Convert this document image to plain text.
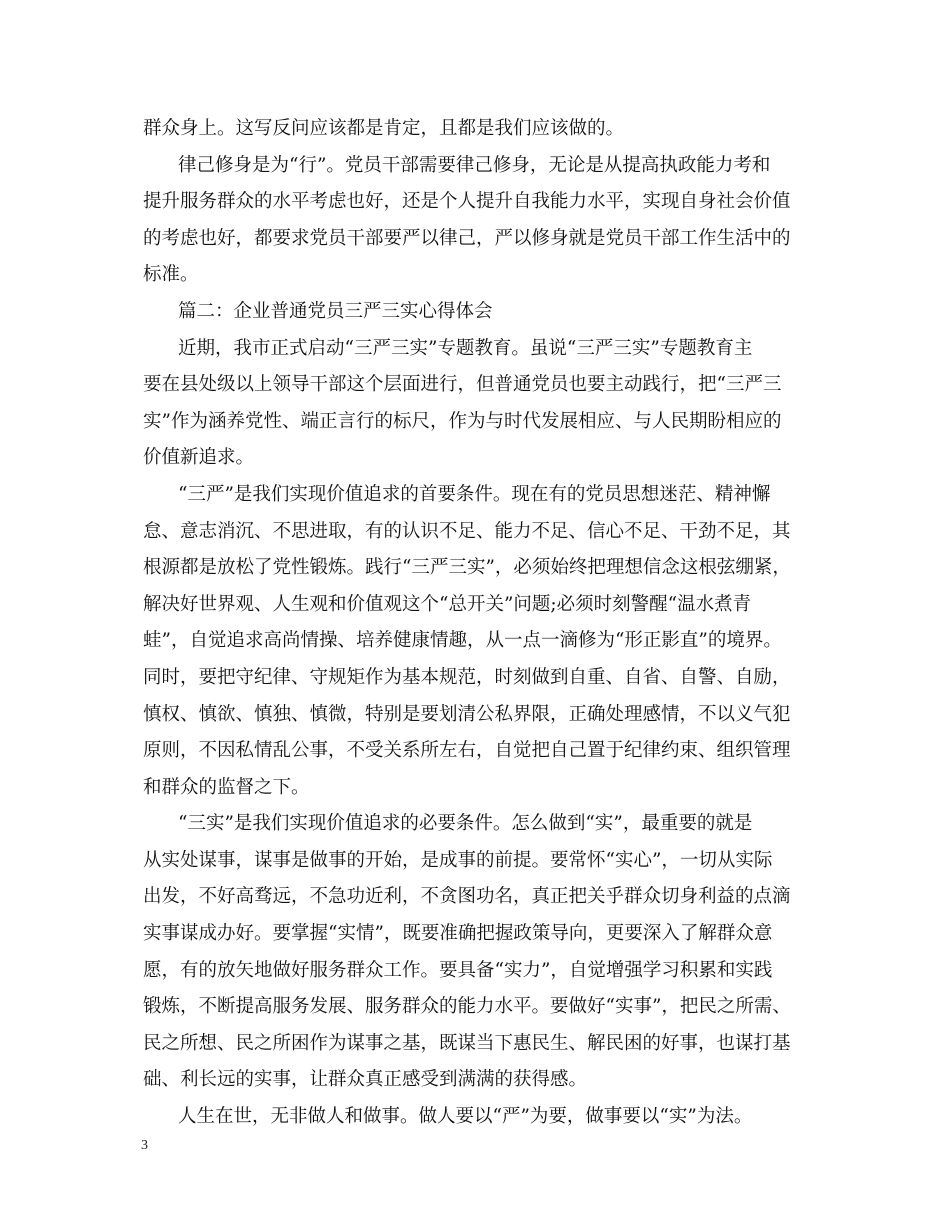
群众身上。这写反问应该都是肯定，且都是我们应该做的。

律己修身是为“行”。党员干部需要律己修身，无论是从提高执政能力考和
提升服务群众的水平考虑也好，还是个人提升自我能力水平，实现自身社会价值
的考虑也好，都要求党员干部要严以律己，严以修身就是党员干部工作生活中的
标准。

篇二：企业普通党员三严三实心得体会

近期，我市正式启动“三严三实”专题教育。虽说“三严三实”专题教育主
要在县处级以上领导干部这个层面进行，但普通党员也要主动践行，把“三严三
实”作为涵养党性、端正言行的标尺，作为与时代发展相应、与人民期盼相应的
价值新追求。

“三严”是我们实现价值追求的首要条件。现在有的党员思想迷茫、精神懈
怠、意志消沉、不思进取，有的认识不足、能力不足、信心不足、干劲不足，其
根源都是放松了党性锻炼。践行“三严三实”，必须始终把理想信念这根弦绷紧，
解决好世界观、人生观和价值观这个“总开关”问题;必须时刻警醒“温水煮青
蛙”，自觉追求高尚情操、培养健康情趣，从一点一滴修为“形正影直”的境界。
同时，要把守纪律、守规矩作为基本规范，时刻做到自重、自省、自警、自励，
慎权、慎欲、慎独、慎微，特别是要划清公私界限，正确处理感情，不以义气犯
原则，不因私情乱公事，不受关系所左右，自觉把自己置于纪律约束、组织管理
和群众的监督之下。

“三实”是我们实现价值追求的必要条件。怎么做到“实”，最重要的就是
从实处谋事，谋事是做事的开始，是成事的前提。要常怀“实心”，一切从实际
出发，不好高骛远，不急功近利，不贪图功名，真正把关乎群众切身利益的点滴
实事谋成办好。要掌握“实情”，既要准确把握政策导向，更要深入了解群众意
愿，有的放矢地做好服务群众工作。要具备“实力”，自觉增强学习积累和实践
锻炼，不断提高服务发展、服务群众的能力水平。要做好“实事”，把民之所需、
民之所想、民之所困作为谋事之基，既谋当下惠民生、解民困的好事，也谋打基
础、利长远的实事，让群众真正感受到满满的获得感。

人生在世，无非做人和做事。做人要以“严”为要，做事要以“实”为法。

3
